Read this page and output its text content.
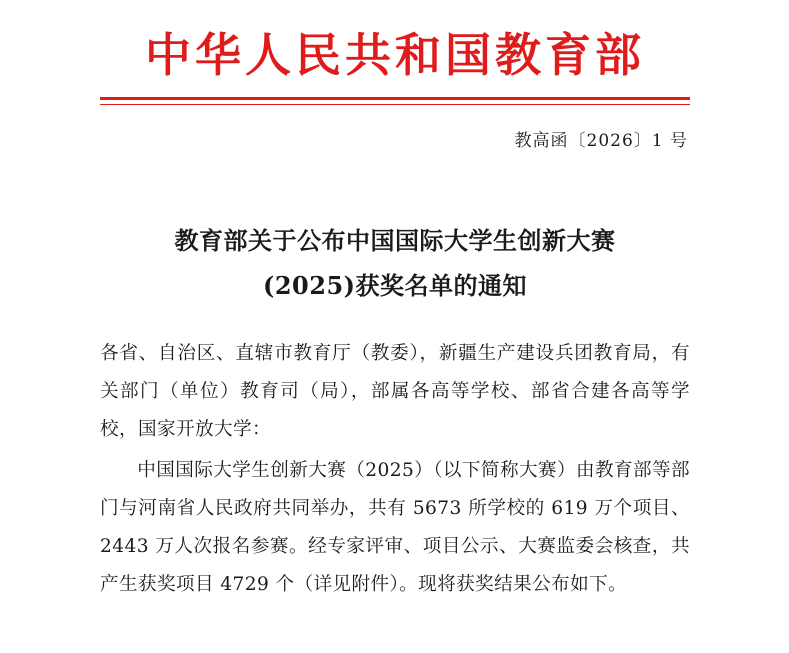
中华人民共和国教育部
教高函〔2026〕1 号
教育部关于公布中国国际大学生创新大赛
(2025)获奖名单的通知

各省、自治区、直辖市教育厅（教委），新疆生产建设兵团教育局，有关部门（单位）教育司（局），部属各高等学校、部省合建各高等学校，国家开放大学：

中国国际大学生创新大赛（2025）（以下简称大赛）由教育部等部门与河南省人民政府共同举办，共有 5673 所学校的 619 万个项目、2443 万人次报名参赛。经专家评审、项目公示、大赛监委会核查，共产生获奖项目 4729 个（详见附件）。现将获奖结果公布如下。
